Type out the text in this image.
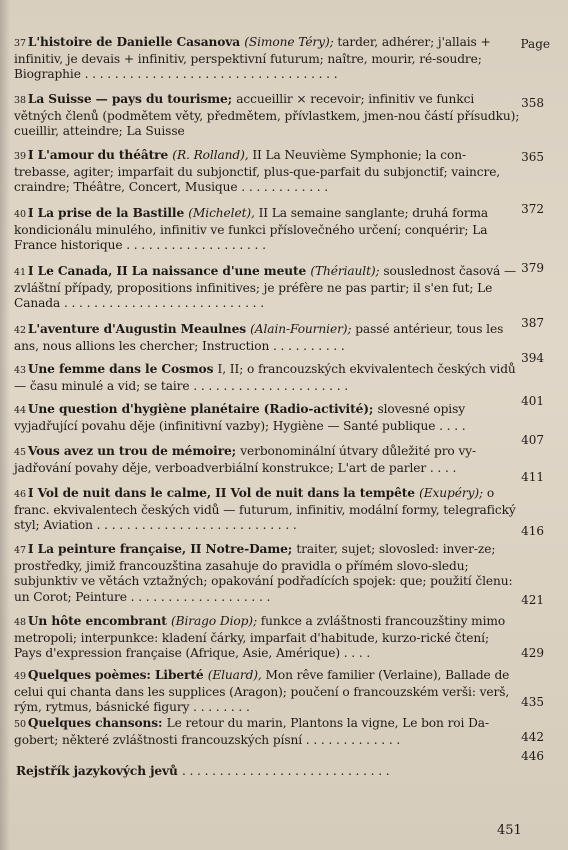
Page
37 L'histoire de Danielle Casanova (Simone Téry); tarder, adhérer; j'allais + infinitiv, je devais + infinitiv, perspektivní futurum; naître, mourir, ré-soudre; Biographie . . . . . . . . . . . . . . . . . . . . . . . . . . . . . . . . . .
38 La Suisse — pays du tourisme; accueillir × recevoir; infinitiv ve funkci větných členů (podmětem věty, předmětem, přívlastkem, jmen-nou částí přísudku); cueillir, atteindre; La Suisse
358
39 I L'amour du théâtre (R. Rolland), II La Neuvième Symphonie; la con-trebasse, agiter; imparfait du subjonctif, plus-que-parfait du subjonctif; vaincre, craindre; Théâtre, Concert, Musique . . . . . . . . . . . .
365
40 I La prise de la Bastille (Michelet), II La semaine sanglante; druhá forma kondicionálu minulého, infinitiv ve funkci příslovečného určení; conquérir; La France historique . . . . . . . . . . . . . . . . . . .
372
41 I Le Canada, II La naissance d'une meute (Thériault); souslednost časová — zvláštní případy, propositions infinitives; je préfère ne pas partir; il s'en fut; Le Canada . . . . . . . . . . . . . . . . . . . . . . . . . . .
379
42 L'aventure d'Augustin Meaulnes (Alain-Fournier); passé antérieur, tous les ans, nous allions les chercher; Instruction . . . . . . . . . .
387
43 Une femme dans le Cosmos I, II; o francouzských ekvivalentech českých vidů — času minulé a vid; se taire . . . . . . . . . . . . . . . . . . . . .
394
44 Une question d'hygiène planétaire (Radio-activité); slovesné opisy vyjadřující povahu děje (infinitivní vazby); Hygiène — Santé publique . . . .
401
45 Vous avez un trou de mémoire; verbonominální útvary důležité pro vy-jadřování povahy děje, verboadverbiální konstrukce; L'art de parler . . . .
407
46 I Vol de nuit dans le calme, II Vol de nuit dans la tempête (Exupéry); o franc. ekvivalentech českých vidů — futurum, infinitiv, modální formy, telegrafický styl; Aviation . . . . . . . . . . . . . . . . . . . . . . . . . . .
411
47 I La peinture française, II Notre-Dame; traiter, sujet; slovosled: inver-ze; prostředky, jimiž francouzština zasahuje do pravidla o přímém slovo-sledu; subjunktiv ve větách vztažných; opakování podřadících spojek: que; použití členu: un Corot; Peinture . . . . . . . . . . . . . . . . . . .
416
48 Un hôte encombrant (Birago Diop); funkce a zvláštnosti francouzštiny mimo metropoli; interpunkce: kladení čárky, imparfait d'habitude, kurzo-rické čtení; Pays d'expression française (Afrique, Asie, Amérique) . . . .
421
49 Quelques poèmes: Liberté (Eluard), Mon rêve familier (Verlaine), Ballade de celui qui chanta dans les supplices (Aragon); poučení o francouzském verši: verš, rým, rytmus, básnické figury . . . . . . . .
429
50 Quelques chansons: Le retour du marin, Plantons la vigne, Le bon roi Da-gobert; některé zvláštnosti francouzských písní . . . . . . . . . . . . .
435
Rejstřík jazykových jevů . . . . . . . . . . . . . . . . . . . . . . . . . . . .
442
446
451
